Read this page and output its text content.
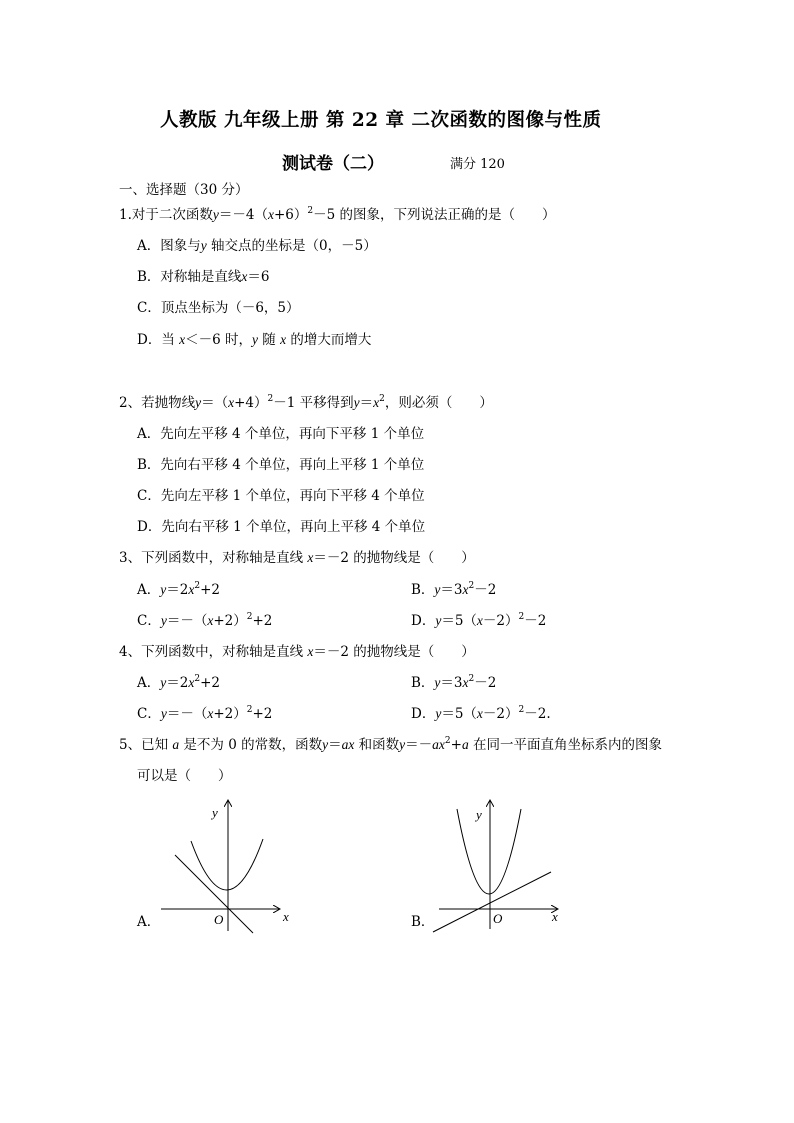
人教版 九年级上册 第 22 章 二次函数的图像与性质
测试卷（二）	满分 120
一、选择题（30 分）
1.对于二次函数$y=-4(x+6)^2-5$ 的图象，下列说法正确的是（　　）
A．图象与y 轴交点的坐标是（0，－5）
B．对称轴是直线x＝6
C．顶点坐标为（－6，5）
D．当 x＜－6 时，y 随 x 的增大而增大
2、若抛物线$y=(x+4)^2-1$ 平移得到$y=x^2$，则必须（　　）
A．先向左平移 4 个单位，再向下平移 1 个单位
B．先向右平移 4 个单位，再向上平移 1 个单位
C．先向左平移 1 个单位，再向下平移 4 个单位
D．先向右平移 1 个单位，再向上平移 4 个单位
3、下列函数中，对称轴是直线 x＝－2 的抛物线是（　　）
A．$y=2x^2+2$	B．$y=3x^2-2$
C．$y=-(x+2)^2+2$	D．$y=5(x-2)^2-2$
4、下列函数中，对称轴是直线 x＝－2 的抛物线是（　　）
A．$y=2x^2+2$	B．$y=3x^2-2$
C．$y=-(x+2)^2+2$	D．$y=5(x-2)^2-2$.
5、已知 a 是不为 0 的常数，函数y＝ax 和函数$y=-ax^2+a$ 在同一平面直角坐标系内的图象
可以是（　　）
A．
y
x
O	B．
y
x
O
